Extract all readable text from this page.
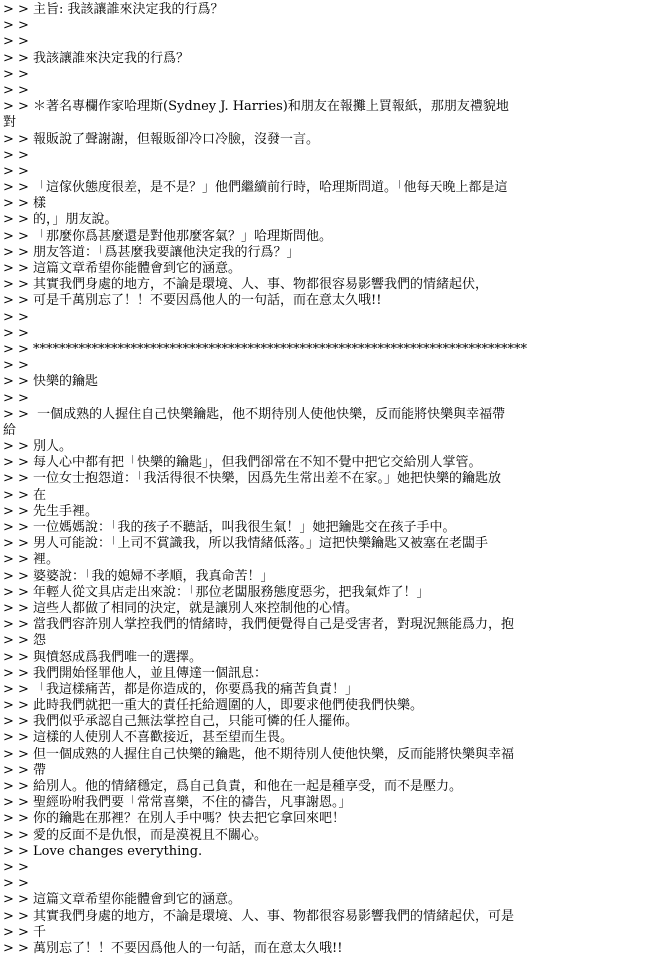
> > 主旨: 我該讓誰來決定我的行爲？
> >
> >
> > 我該讓誰來決定我的行爲？
> >
> >
> > ＊著名專欄作家哈理斯(Sydney J. Harries)和朋友在報攤上買報紙，那朋友禮貌地
對
> > 報販說了聲謝謝，但報販卻冷口冷臉，沒發一言。
> >
> >
> > 「這傢伙態度很差，是不是？」他們繼續前行時，哈理斯問道。「他每天晚上都是這
> > 樣
> > 的，」朋友說。
> > 「那麼你爲甚麼還是對他那麼客氣？」哈理斯問他。
> > 朋友答道：「爲甚麼我要讓他決定我的行爲？」
> > 這篇文章希望你能體會到它的涵意。
> > 其實我們身處的地方，不論是環境、人、事、物都很容易影響我們的情緒起伏，
> > 可是千萬別忘了！！不要因爲他人的一句話，而在意太久哦!!
> >
> >
> > ****************************************************************************
> >
> > 快樂的鑰匙
> >
> >  一個成熟的人握住自己快樂鑰匙，他不期待別人使他快樂，反而能將快樂與幸福帶
給
> > 別人。
> > 每人心中都有把「快樂的鑰匙」，但我們卻常在不知不覺中把它交給別人掌管。
> > 一位女士抱怨道：「我活得很不快樂，因爲先生常出差不在家。」她把快樂的鑰匙放
> > 在
> > 先生手裡。
> > 一位媽媽說：「我的孩子不聽話，叫我很生氣！」她把鑰匙交在孩子手中。
> > 男人可能說：「上司不賞識我，所以我情緒低落。」這把快樂鑰匙又被塞在老闆手
> > 裡。
> > 婆婆說：「我的媳婦不孝順，我真命苦！」
> > 年輕人從文具店走出來說：「那位老闆服務態度惡劣，把我氣炸了！」
> > 這些人都做了相同的決定，就是讓別人來控制他的心情。
> > 當我們容許別人掌控我們的情緒時，我們便覺得自己是受害者，對現況無能爲力，抱
> > 怨
> > 與憤怒成爲我們唯一的選擇。
> > 我們開始怪罪他人，並且傳達一個訊息：
> > 「我這樣痛苦，都是你造成的，你要爲我的痛苦負責！」
> > 此時我們就把一重大的責任托給週圍的人，即要求他們使我們快樂。
> > 我們似乎承認自己無法掌控自己，只能可憐的任人擺佈。
> > 這樣的人使別人不喜歡接近，甚至望而生畏。
> > 但一個成熟的人握住自己快樂的鑰匙，他不期待別人使他快樂，反而能將快樂與幸福
> > 帶
> > 給別人。他的情緒穩定，爲自己負責，和他在一起是種享受，而不是壓力。
> > 聖經吩咐我們要「常常喜樂，不住的禱告，凡事謝恩。」
> > 你的鑰匙在那裡？在別人手中嗎？快去把它拿回來吧！
> > 愛的反面不是仇恨，而是漠視且不關心。
> > Love changes everything.
> >
> >
> > 這篇文章希望你能體會到它的涵意。
> > 其實我們身處的地方，不論是環境、人、事、物都很容易影響我們的情緒起伏，可是
> > 千
> > 萬別忘了！！不要因爲他人的一句話，而在意太久哦!!
